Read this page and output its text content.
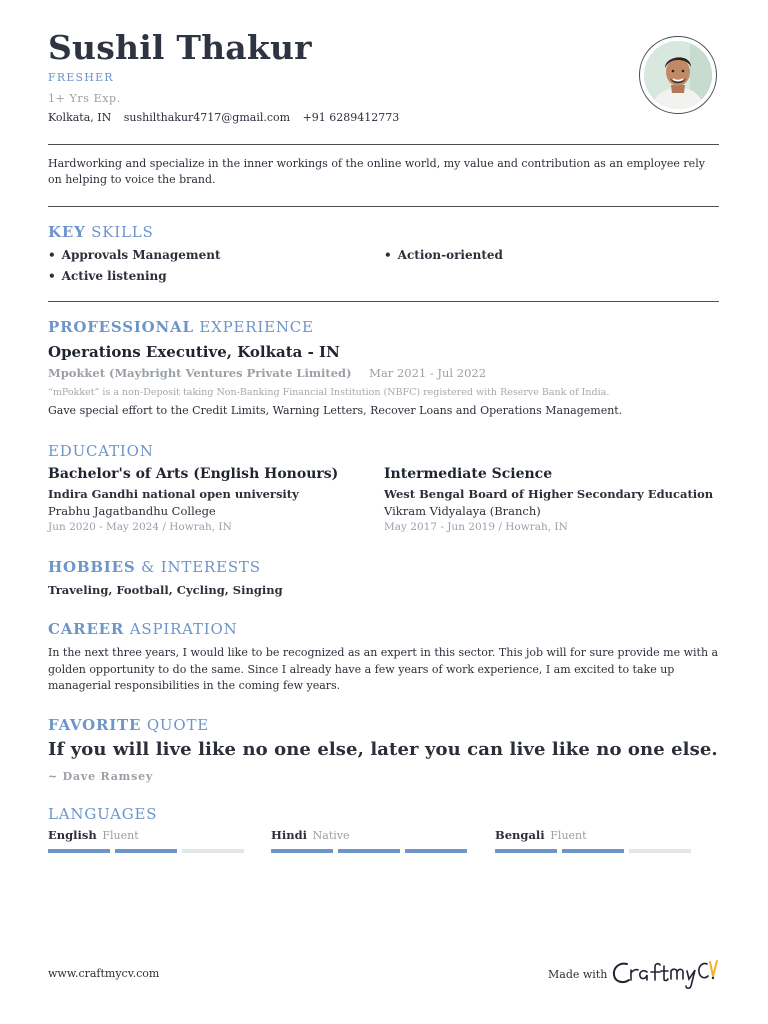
Sushil Thakur
FRESHER
1+ Yrs Exp.
Kolkata, IN sushilthakur4717@gmail.com +91 6289412773

Hardworking and specialize in the inner workings of the online world, my value and contribution as an employee rely on helping to voice the brand.

KEY SKILLS
• Approvals Management
•	Action-oriented
• Active listening
PROFESSIONAL EXPERIENCE
Operations Executive, Kolkata - IN
Mpokket (Maybright Ventures Private Limited) Mar 2021 - Jul 2022
“mPokket” is a non-Deposit taking Non-Banking Financial Institution (NBFC) registered with Reserve Bank of India.
Gave special effort to the Credit Limits, Warning Letters, Recover Loans and Operations Management.
EDUCATION
Bachelor's of Arts (English Honours)
Indira Gandhi national open university
Prabhu Jagatbandhu College
Jun 2020 - May 2024 / Howrah, IN
Intermediate Science
West Bengal Board of Higher Secondary Education
Vikram Vidyalaya (Branch)
May 2017 - Jun 2019 / Howrah, IN
HOBBIES & INTERESTS
Traveling, Football, Cycling, Singing
CAREER ASPIRATION

In the next three years, I would like to be recognized as an expert in this sector. This job will for sure provide me with a golden opportunity to do the same. Since I already have a few years of work experience, I am excited to take up managerial responsibilities in the coming few years.

FAVORITE QUOTE

If you will live like no one else, later you can live like no one else.

~ Dave Ramsey
LANGUAGES
English Fluent	Hindi Native	Bengali Fluent
www.craftmycv.com	Made with
